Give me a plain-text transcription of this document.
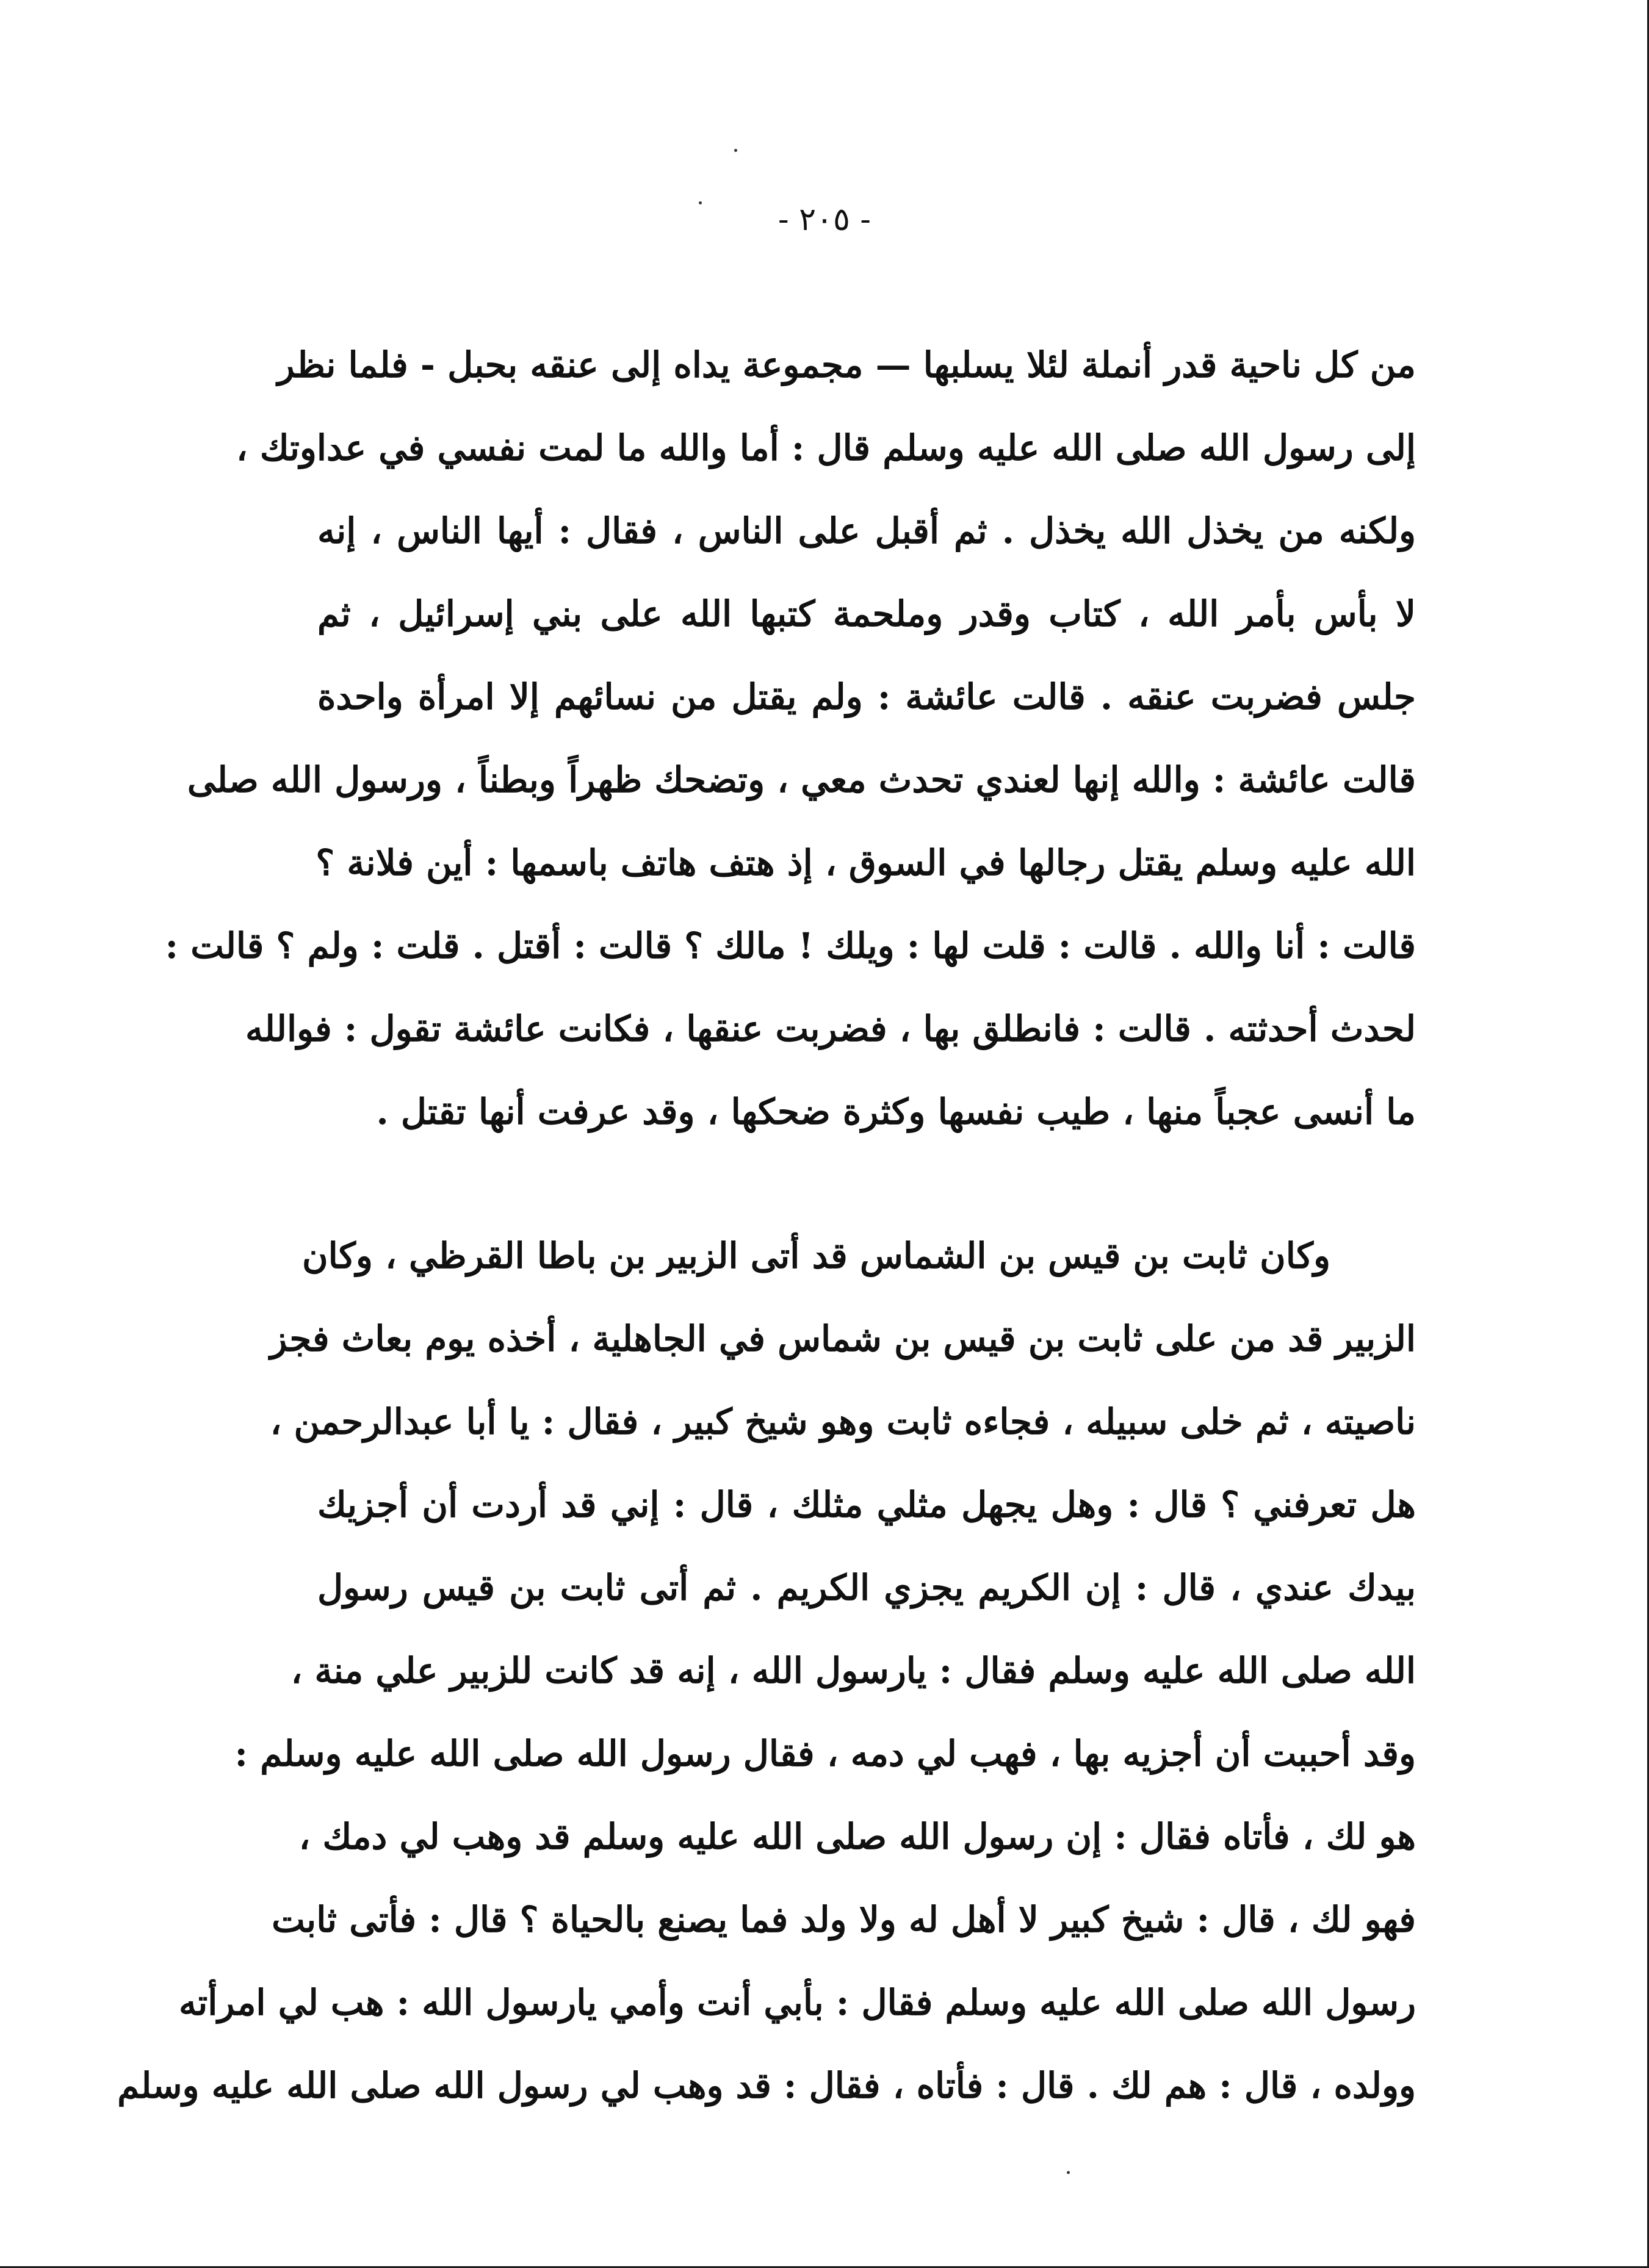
- ٢٠٥ -
من كل ناحية قدر أنملة لئلا يسلبها — مجموعة يداه إلى عنقه بحبل - فلما نظر
إلى رسول الله صلى الله عليه وسلم قال : أما والله ما لمت نفسي في عداوتك ،
ولكنه من يخذل الله يخذل . ثم أقبل على الناس ، فقال : أيها الناس ، إنه
لا بأس بأمر الله ، كتاب وقدر وملحمة كتبها الله على بني إسرائيل ، ثم
جلس فضربت عنقه . قالت عائشة : ولم يقتل من نسائهم إلا امرأة واحدة
قالت عائشة : والله إنها لعندي تحدث معي ، وتضحك ظهراً وبطناً ، ورسول الله صلى
الله عليه وسلم يقتل رجالها في السوق ، إذ هتف هاتف باسمها : أين فلانة ؟
قالت : أنا والله . قالت : قلت لها : ويلك ! مالك ؟ قالت : أقتل . قلت : ولم ؟ قالت :
لحدث أحدثته . قالت : فانطلق بها ، فضربت عنقها ، فكانت عائشة تقول : فوالله
ما أنسى عجباً منها ، طيب نفسها وكثرة ضحكها ، وقد عرفت أنها تقتل .
وكان ثابت بن قيس بن الشماس قد أتى الزبير بن باطا القرظي ، وكان
الزبير قد من على ثابت بن قيس بن شماس في الجاهلية ، أخذه يوم بعاث فجز
ناصيته ، ثم خلى سبيله ، فجاءه ثابت وهو شيخ كبير ، فقال : يا أبا عبدالرحمن ،
هل تعرفني ؟ قال : وهل يجهل مثلي مثلك ، قال : إني قد أردت أن أجزيك
بيدك عندي ، قال : إن الكريم يجزي الكريم . ثم أتى ثابت بن قيس رسول
الله صلى الله عليه وسلم فقال : يارسول الله ، إنه قد كانت للزبير علي منة ،
وقد أحببت أن أجزيه بها ، فهب لي دمه ، فقال رسول الله صلى الله عليه وسلم :
هو لك ، فأتاه فقال : إن رسول الله صلى الله عليه وسلم قد وهب لي دمك ،
فهو لك ، قال : شيخ كبير لا أهل له ولا ولد فما يصنع بالحياة ؟ قال : فأتى ثابت
رسول الله صلى الله عليه وسلم فقال : بأبي أنت وأمي يارسول الله : هب لي امرأته
وولده ، قال : هم لك . قال : فأتاه ، فقال : قد وهب لي رسول الله صلى الله عليه وسلم
